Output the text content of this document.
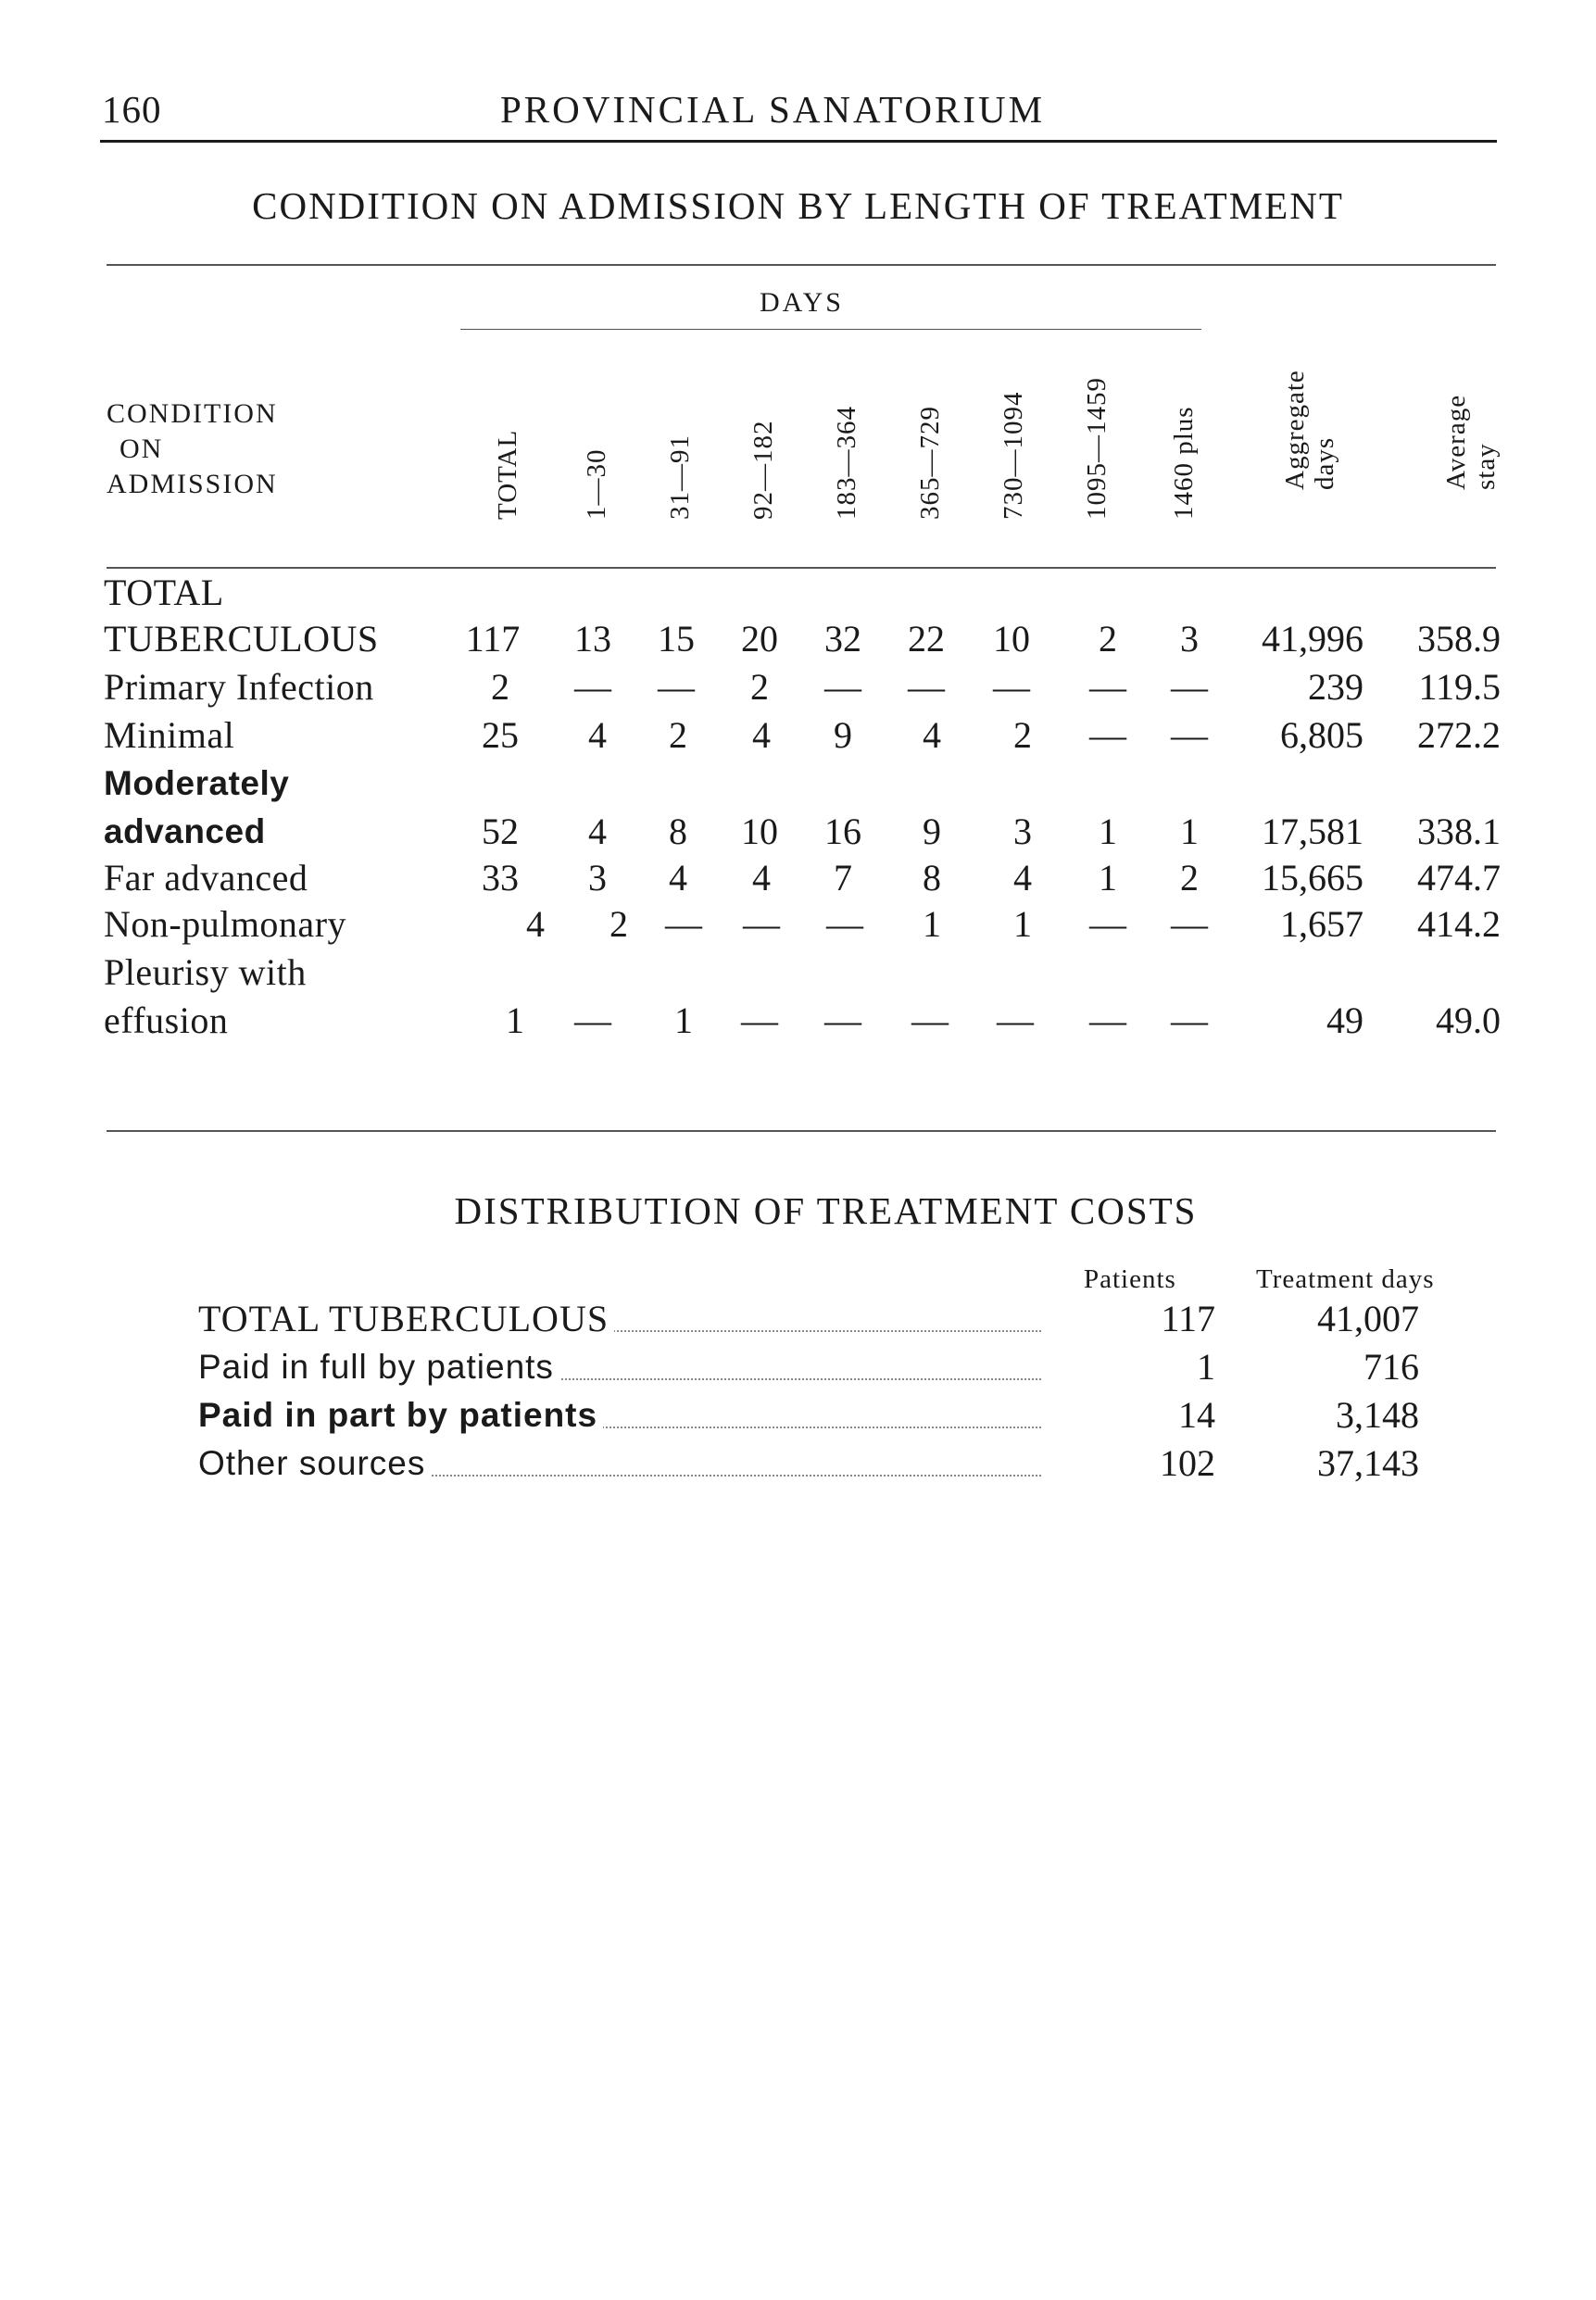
160	PROVINCIAL SANATORIUM
CONDITION ON ADMISSION BY LENGTH OF TREATMENT
DAYS
CONDITION
ON
ADMISSION	TOTAL 1—30 31—91 92—182 183—364 365—729 730—1094 1095—1459 1460 plus	Aggregate days	Average stay
TOTAL
TUBERCULOUS 117	13	15	20	32	22	10	2	3	41,996	358.9
Primary Infection	2	—	—	2	—	—	—	—	—	239	119.5
Minimal	25	4	2	4	9	4	2	—	—	6,805	272.2
Moderately
advanced	52	4	8	10	16	9	3	1	1	17,581	338.1
Far advanced	33	3	4	4	7	8	4	1	2	15,665	474.7
Non-pulmonary	4	2	—	—	—	1	1	—	—	1,657	414.2
Pleurisy with
effusion	1	—	1	—	—	—	—	—	—	49	49.0
DISTRIBUTION OF TREATMENT COSTS
Patients	Treatment days
TOTAL TUBERCULOUS	117	41,007
Paid in full by patients	1	716
Paid in part by patients	14	3,148
Other sources	102	37,143
